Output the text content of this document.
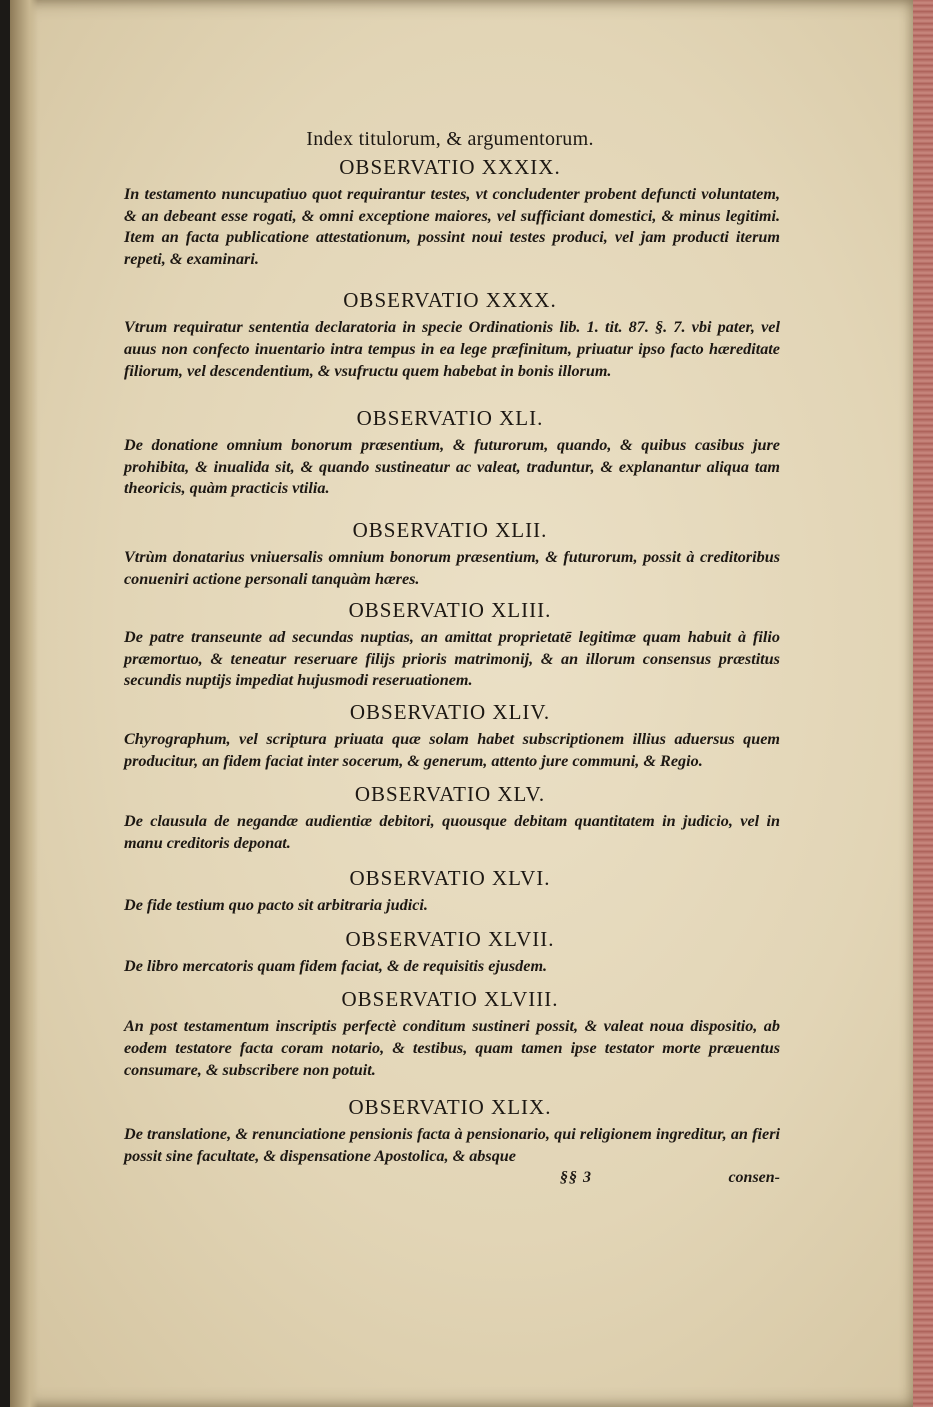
Index titulorum, & argumentorum.
OBSERVATIO XXXIX.

In testamento nuncupatiuo quot requirantur testes, vt concludenter probent defuncti voluntatem, & an debeant esse rogati, & omni exceptione maiores, vel sufficiant domestici, & minus legitimi. Item an facta publicatione attestationum, possint noui testes produci, vel jam producti iterum repeti, & examinari.

OBSERVATIO XXXX.

Vtrum requiratur sententia declaratoria in specie Ordinationis lib. 1. tit. 87. §. 7. vbi pater, vel auus non confecto inuentario intra tempus in ea lege præfinitum, priuatur ipso facto hæreditate filiorum, vel descendentium, & vsufructu quem habebat in bonis illorum.

OBSERVATIO XLI.

De donatione omnium bonorum præsentium, & futurorum, quando, & quibus casibus jure prohibita, & inualida sit, & quando sustineatur ac valeat, traduntur, & explanantur aliqua tam theoricis, quàm practicis vtilia.

OBSERVATIO XLII.

Vtrùm donatarius vniuersalis omnium bonorum præsentium, & futurorum, possit à creditoribus conueniri actione personali tanquàm hæres.

OBSERVATIO XLIII.

De patre transeunte ad secundas nuptias, an amittat proprietatē legitimæ quam habuit à filio præmortuo, & teneatur reseruare filijs prioris matrimonij, & an illorum consensus præstitus secundis nuptijs impediat hujusmodi reseruationem.

OBSERVATIO XLIV.

Chyrographum, vel scriptura priuata quæ solam habet subscriptionem illius aduersus quem producitur, an fidem faciat inter socerum, & generum, attento jure communi, & Regio.

OBSERVATIO XLV.

De clausula de negandæ audientiæ debitori, quousque debitam quantitatem in judicio, vel in manu creditoris deponat.

OBSERVATIO XLVI.

De fide testium quo pacto sit arbitraria judici.

OBSERVATIO XLVII.

De libro mercatoris quam fidem faciat, & de requisitis ejusdem.

OBSERVATIO XLVIII.

An post testamentum inscriptis perfectè conditum sustineri possit, & valeat noua dispositio, ab eodem testatore facta coram notario, & testibus, quam tamen ipse testator morte præuentus consumare, & subscribere non potuit.

OBSERVATIO XLIX.

De translatione, & renunciatione pensionis facta à pensionario, qui religionem ingreditur, an fieri possit sine facultate, & dispensatione Apostolica, & absque

§§ 3	consen-
